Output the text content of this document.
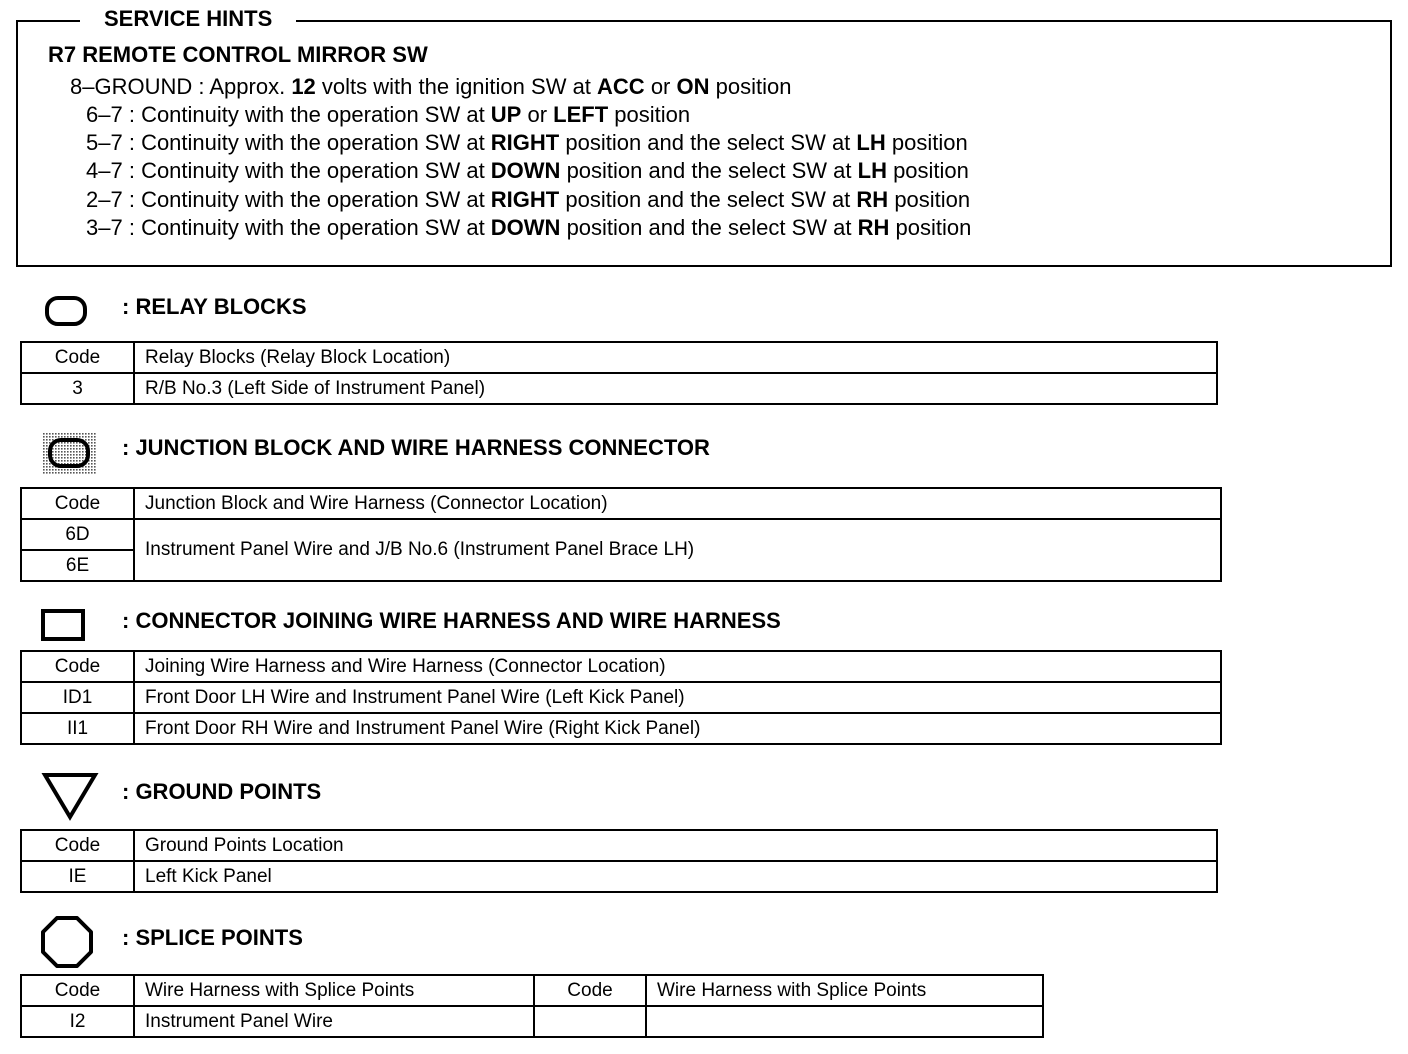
SERVICE HINTS
R7 REMOTE CONTROL MIRROR SW
8–GROUND : Approx. 12 volts with the ignition SW at ACC or ON position
6–7 : Continuity with the operation SW at UP or LEFT position
5–7 : Continuity with the operation SW at RIGHT position and the select SW at LH position
4–7 : Continuity with the operation SW at DOWN position and the select SW at LH position
2–7 : Continuity with the operation SW at RIGHT position and the select SW at RH position
3–7 : Continuity with the operation SW at DOWN position and the select SW at RH position
: RELAY BLOCKS
Code	Relay Blocks (Relay Block Location)
3	R/B No.3 (Left Side of Instrument Panel)
: JUNCTION BLOCK AND WIRE HARNESS CONNECTOR
Code	Junction Block and Wire Harness (Connector Location)
6D	Instrument Panel Wire and J/B No.6 (Instrument Panel Brace LH)
6E	
: CONNECTOR JOINING WIRE HARNESS AND WIRE HARNESS
Code	Joining Wire Harness and Wire Harness (Connector Location)
ID1	Front Door LH Wire and Instrument Panel Wire (Left Kick Panel)
II1	Front Door RH Wire and Instrument Panel Wire (Right Kick Panel)
: GROUND POINTS
Code	Ground Points Location
IE	Left Kick Panel
: SPLICE POINTS
Code	Wire Harness with Splice Points	Code	Wire Harness with Splice Points
I2	Instrument Panel Wire		
